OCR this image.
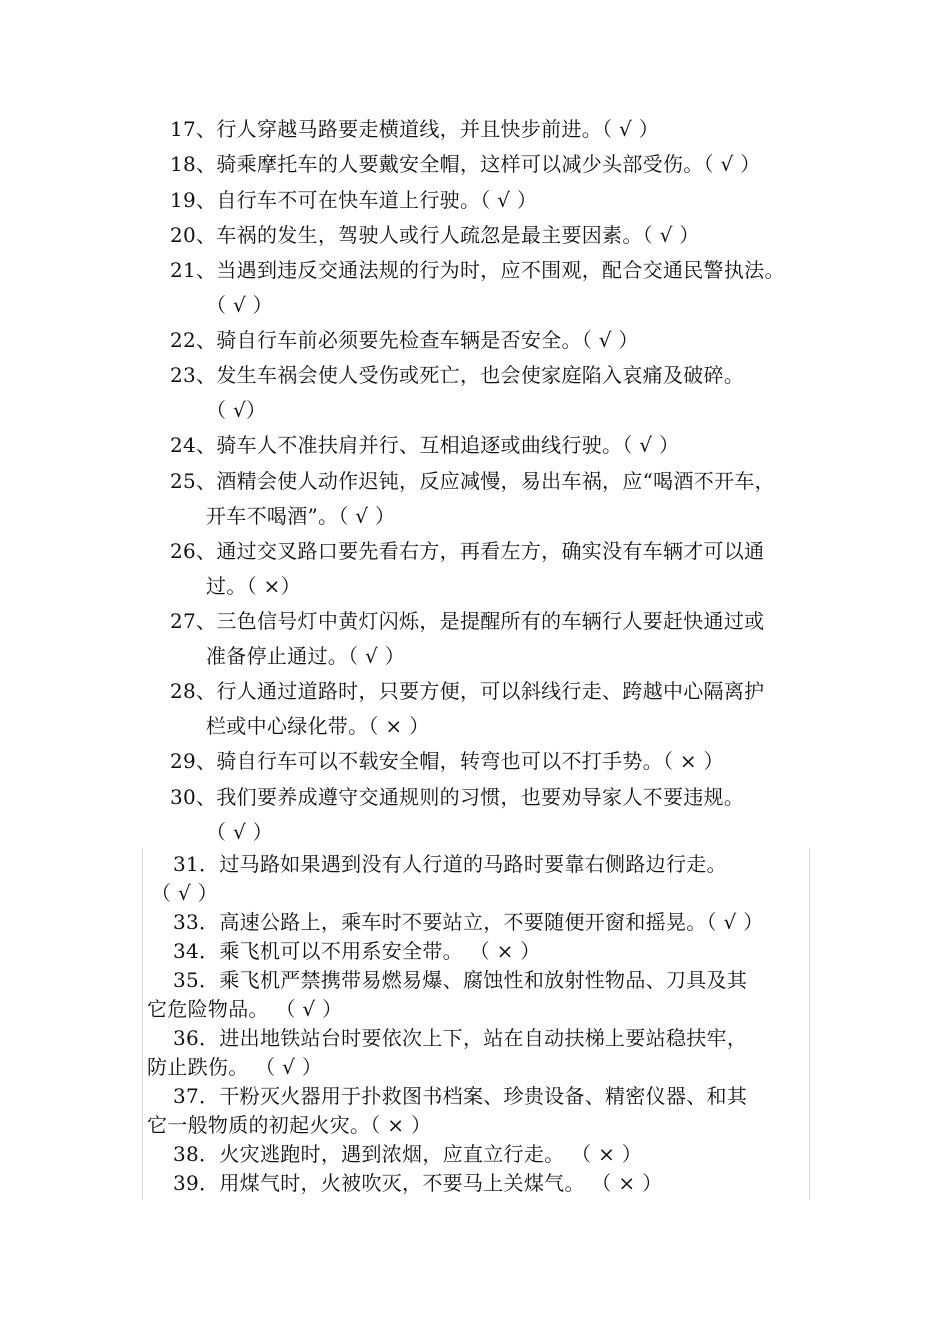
17、行人穿越马路要走横道线，并且快步前进。（ √ ）
18、骑乘摩托车的人要戴安全帽，这样可以减少头部受伤。（ √ ）
19、自行车不可在快车道上行驶。（ √ ）
20、车祸的发生，驾驶人或行人疏忽是最主要因素。（ √ ）
21、当遇到违反交通法规的行为时，应不围观，配合交通民警执法。
（ √ ）
22、骑自行车前必须要先检查车辆是否安全。（ √ ）
23、发生车祸会使人受伤或死亡，也会使家庭陷入哀痛及破碎。
（ √）
24、骑车人不准扶肩并行、互相追逐或曲线行驶。（ √ ）
25、酒精会使人动作迟钝，反应减慢，易出车祸，应“喝酒不开车，
开车不喝酒”。（ √ ）
26、通过交叉路口要先看右方，再看左方，确实没有车辆才可以通
过。（ ×）
27、三色信号灯中黄灯闪烁，是提醒所有的车辆行人要赶快通过或
准备停止通过。（ √ ）
28、行人通过道路时，只要方便，可以斜线行走、跨越中心隔离护
栏或中心绿化带。（ × ）
29、骑自行车可以不载安全帽，转弯也可以不打手势。（ × ）
30、我们要养成遵守交通规则的习惯，也要劝导家人不要违规。
（ √ ）
31．过马路如果遇到没有人行道的马路时要靠右侧路边行走。
（ √ ）
33．高速公路上，乘车时不要站立，不要随便开窗和摇晃。（ √ ）
34．乘飞机可以不用系安全带。 （ × ）
35．乘飞机严禁携带易燃易爆、腐蚀性和放射性物品、刀具及其
它危险物品。 （ √ ）
36．进出地铁站台时要依次上下，站在自动扶梯上要站稳扶牢，
防止跌伤。 （ √ ）
37．干粉灭火器用于扑救图书档案、珍贵设备、精密仪器、和其
它一般物质的初起火灾。（ × ）
38．火灾逃跑时，遇到浓烟，应直立行走。 （ × ）
39．用煤气时，火被吹灭，不要马上关煤气。 （ × ）
